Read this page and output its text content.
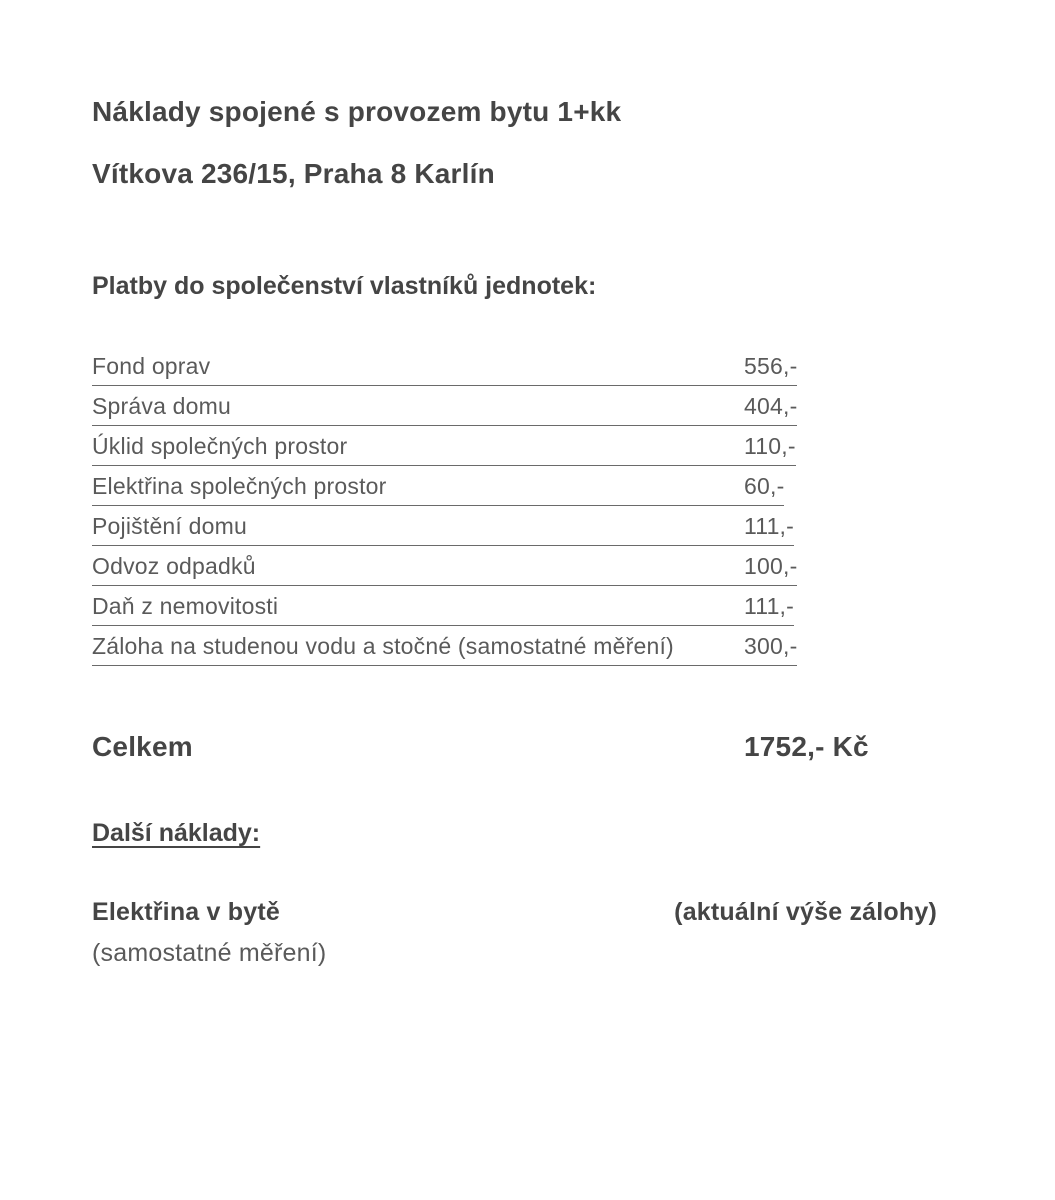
Náklady spojené s provozem bytu 1+kk
Vítkova 236/15, Praha 8 Karlín
Platby do společenství vlastníků jednotek:
Fond oprav	556,-
Správa domu	404,-
Úklid společných prostor	110,-
Elektřina společných prostor	60,-
Pojištění domu	111,-
Odvoz odpadků	100,-
Daň z nemovitosti	111,-
Záloha na studenou vodu a stočné (samostatné měření)	300,-
Celkem	1752,- Kč
Další náklady:
Elektřina v bytě	(aktuální výše zálohy)
(samostatné měření)
